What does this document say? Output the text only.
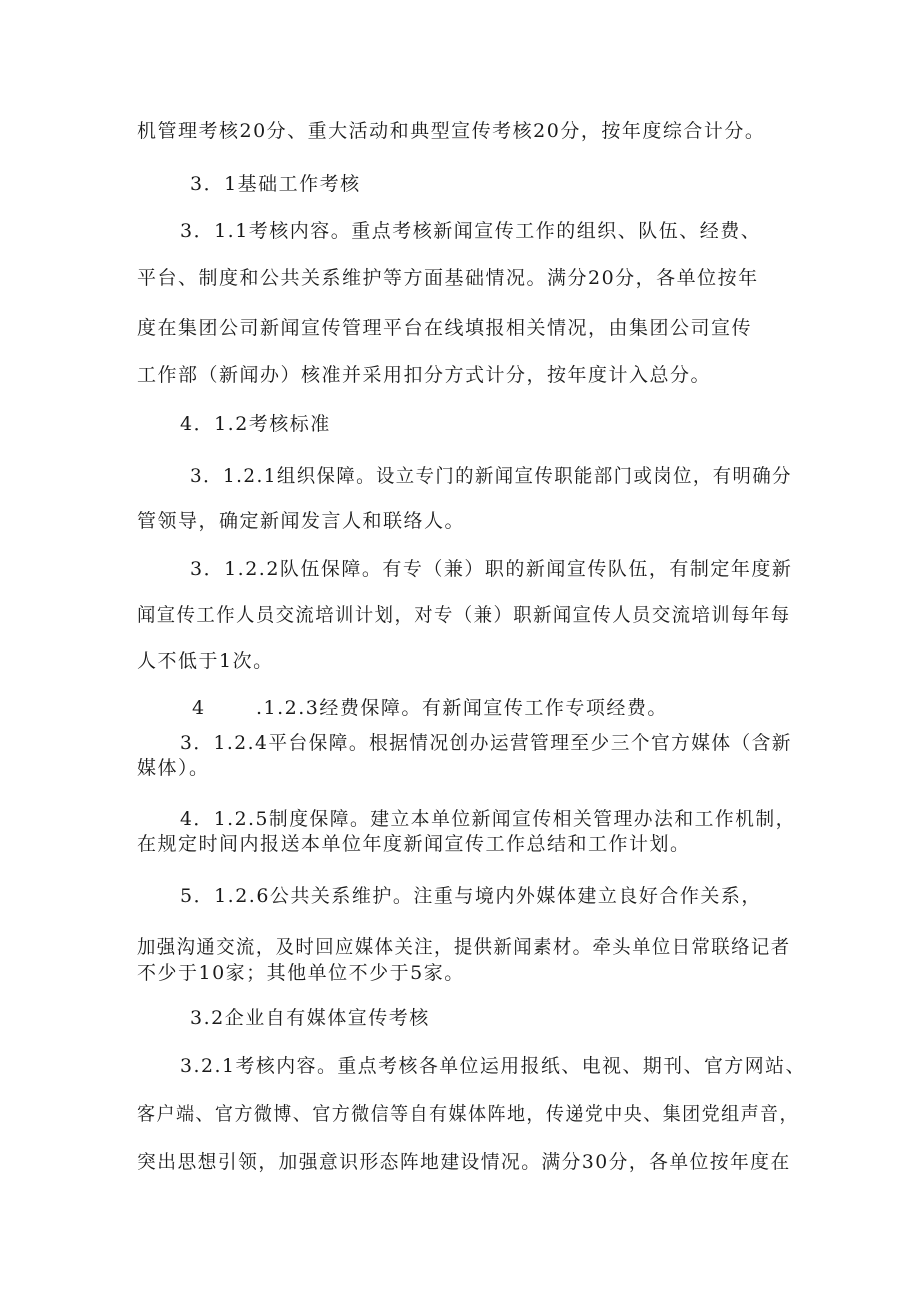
机管理考核20分、重大活动和典型宣传考核20分，按年度综合计分。
3．1基础工作考核
3．1.1考核内容。重点考核新闻宣传工作的组织、队伍、经费、
平台、制度和公共关系维护等方面基础情况。满分20分，各单位按年
度在集团公司新闻宣传管理平台在线填报相关情况，由集团公司宣传
工作部（新闻办）核准并采用扣分方式计分，按年度计入总分。
4．1.2考核标准
3．1.2.1组织保障。设立专门的新闻宣传职能部门或岗位，有明确分
管领导，确定新闻发言人和联络人。
3．1.2.2队伍保障。有专（兼）职的新闻宣传队伍，有制定年度新
闻宣传工作人员交流培训计划，对专（兼）职新闻宣传人员交流培训每年每
人不低于1次。
4	.1.2.3经费保障。有新闻宣传工作专项经费。
3．1.2.4平台保障。根据情况创办运营管理至少三个官方媒体（含新
媒体）。
4．1.2.5制度保障。建立本单位新闻宣传相关管理办法和工作机制，
在规定时间内报送本单位年度新闻宣传工作总结和工作计划。
5．1.2.6公共关系维护。注重与境内外媒体建立良好合作关系，
加强沟通交流，及时回应媒体关注，提供新闻素材。牵头单位日常联络记者
不少于10家；其他单位不少于5家。
3.2企业自有媒体宣传考核
3.2.1考核内容。重点考核各单位运用报纸、电视、期刊、官方网站、
客户端、官方微博、官方微信等自有媒体阵地，传递党中央、集团党组声音，
突出思想引领，加强意识形态阵地建设情况。满分30分，各单位按年度在
